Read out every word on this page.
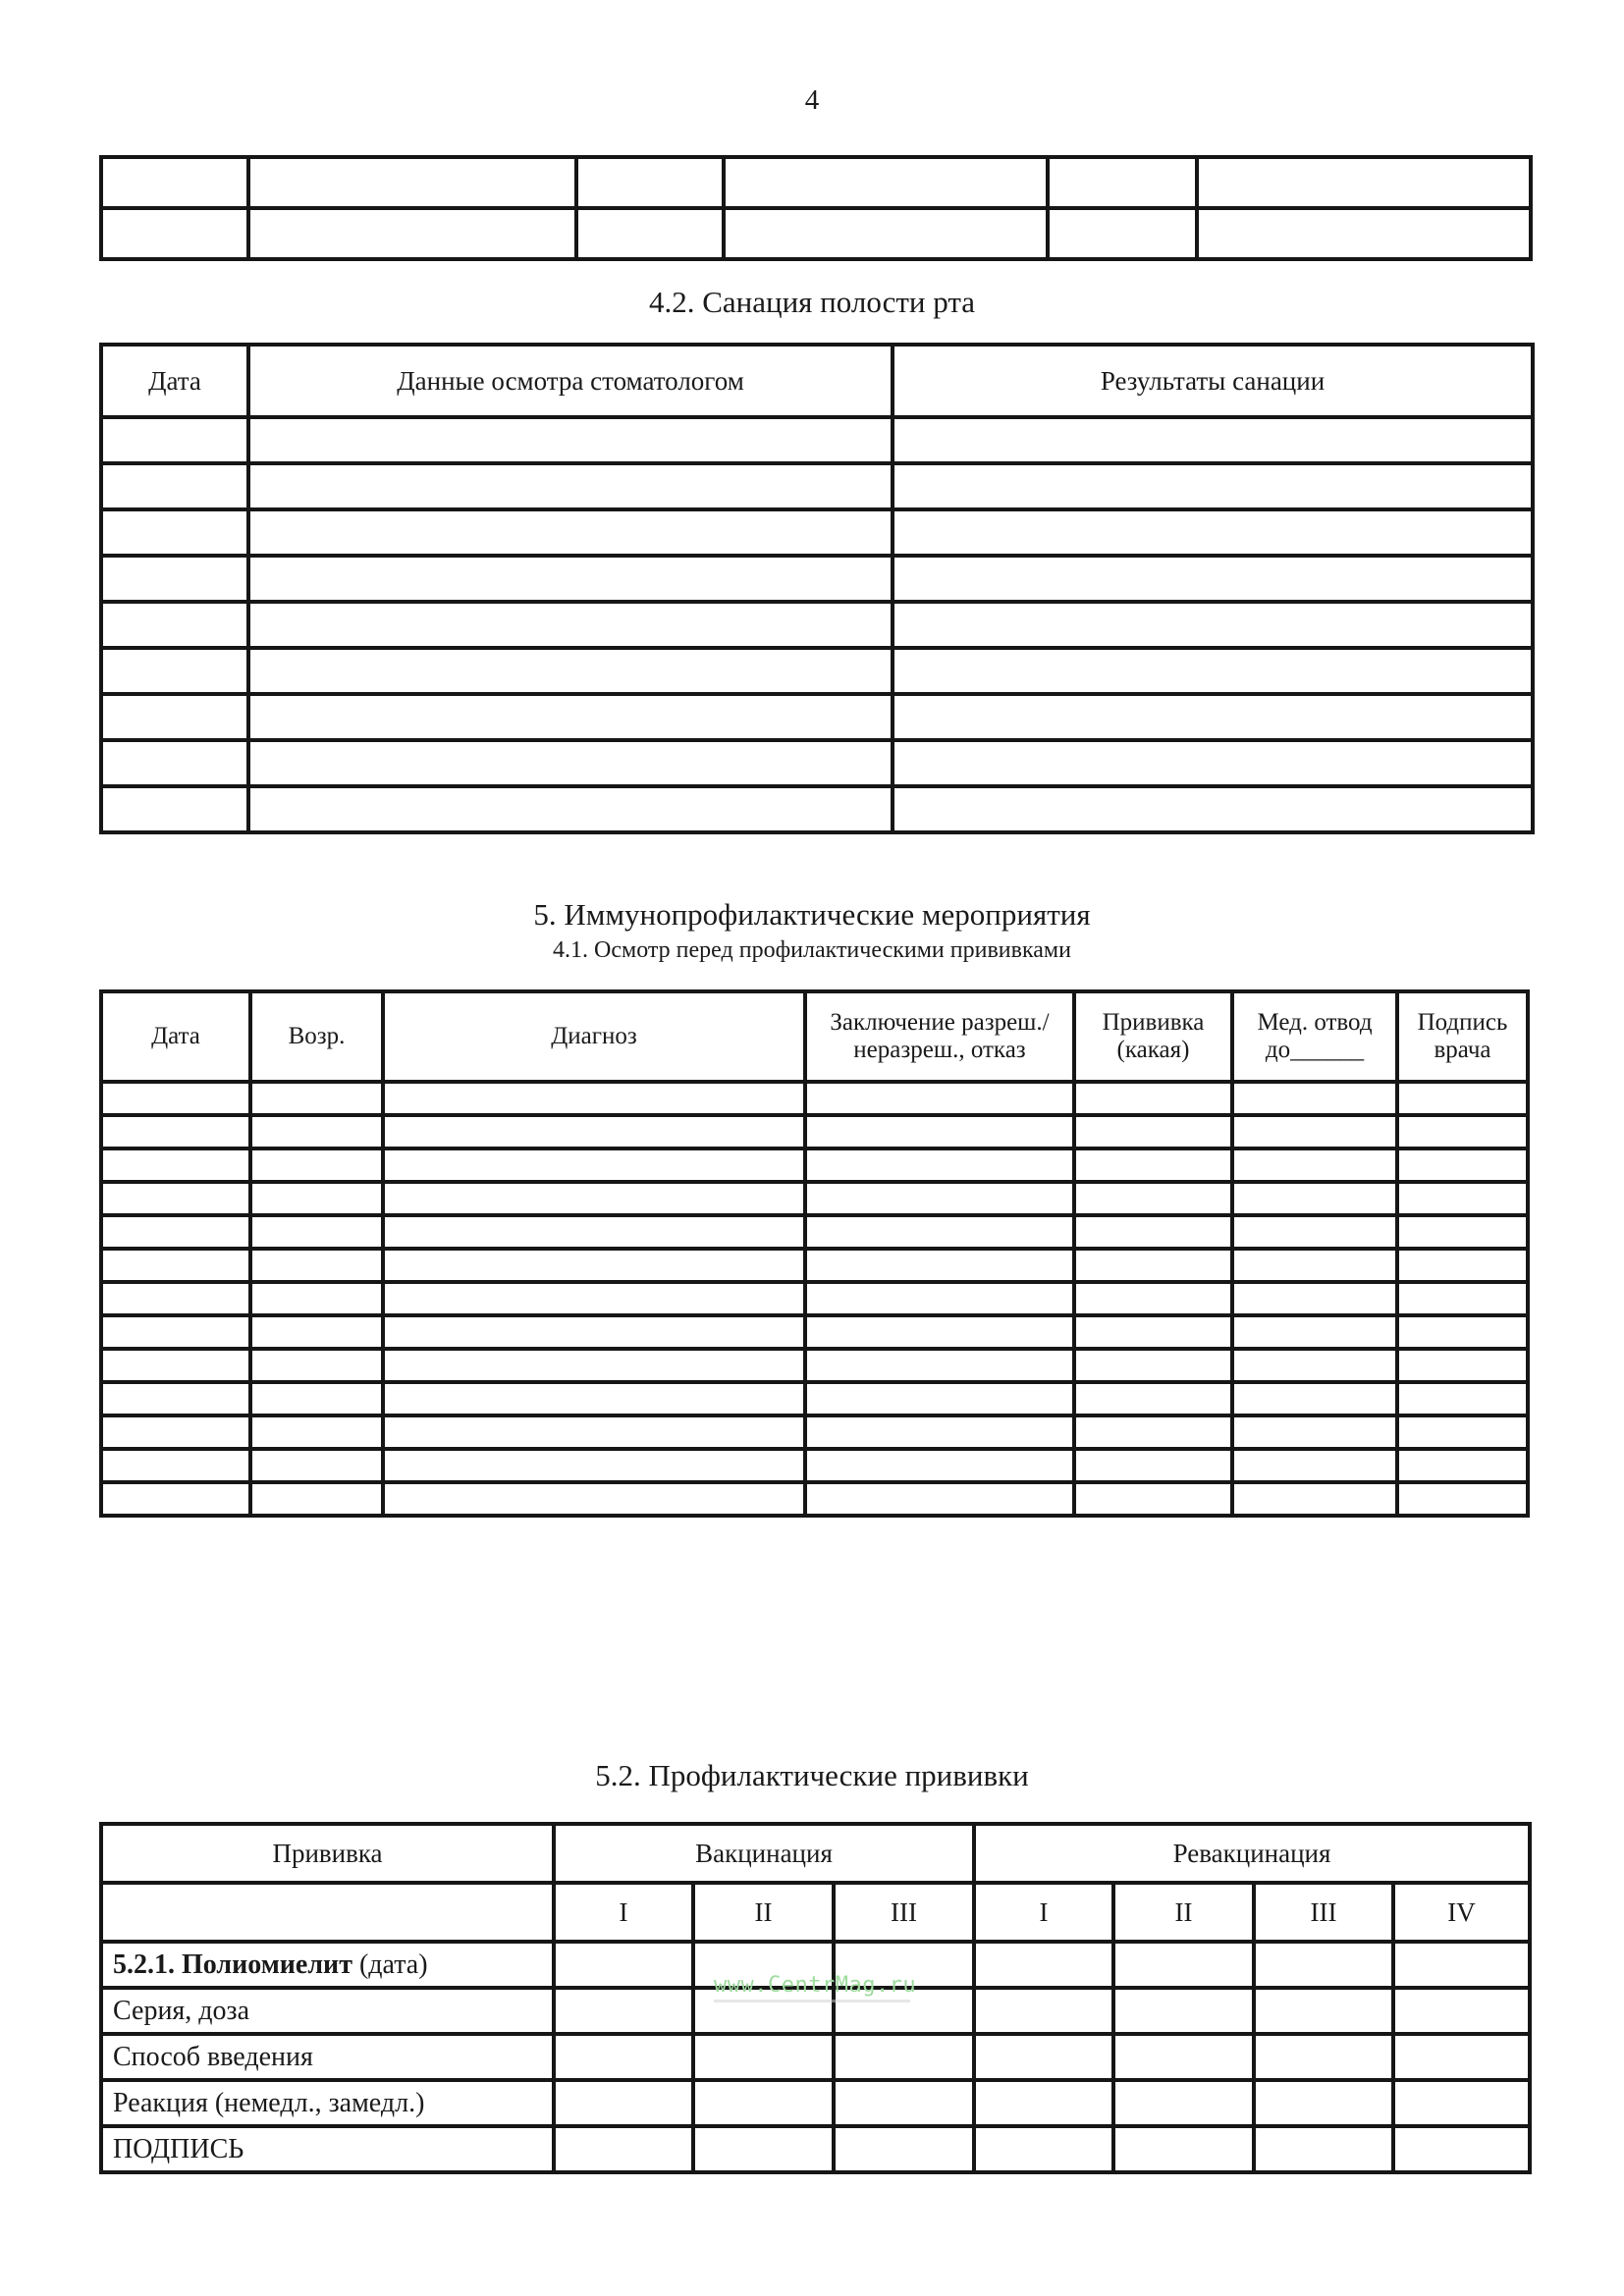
4

4.2. Санация полости рта
Дата	Данные осмотра стоматологом	Результаты санации

5. Иммунопрофилактические мероприятия
4.1. Осмотр перед профилактическими прививками
Дата	Возр.	Диагноз	Заключение разреш./ неразреш., отказ	Прививка (какая)	Мед. отвод до______	Подпись врача

5.2. Профилактические прививки
Прививка	Вакцинация			Ревакцинация			
	I	II	III	I	II	III	IV
5.2.1. Полиомиелит (дата)							
Серия, доза							
Способ введения							
Реакция (немедл., замедл.)							
ПОДПИСЬ							
www.CentrMag.ru
